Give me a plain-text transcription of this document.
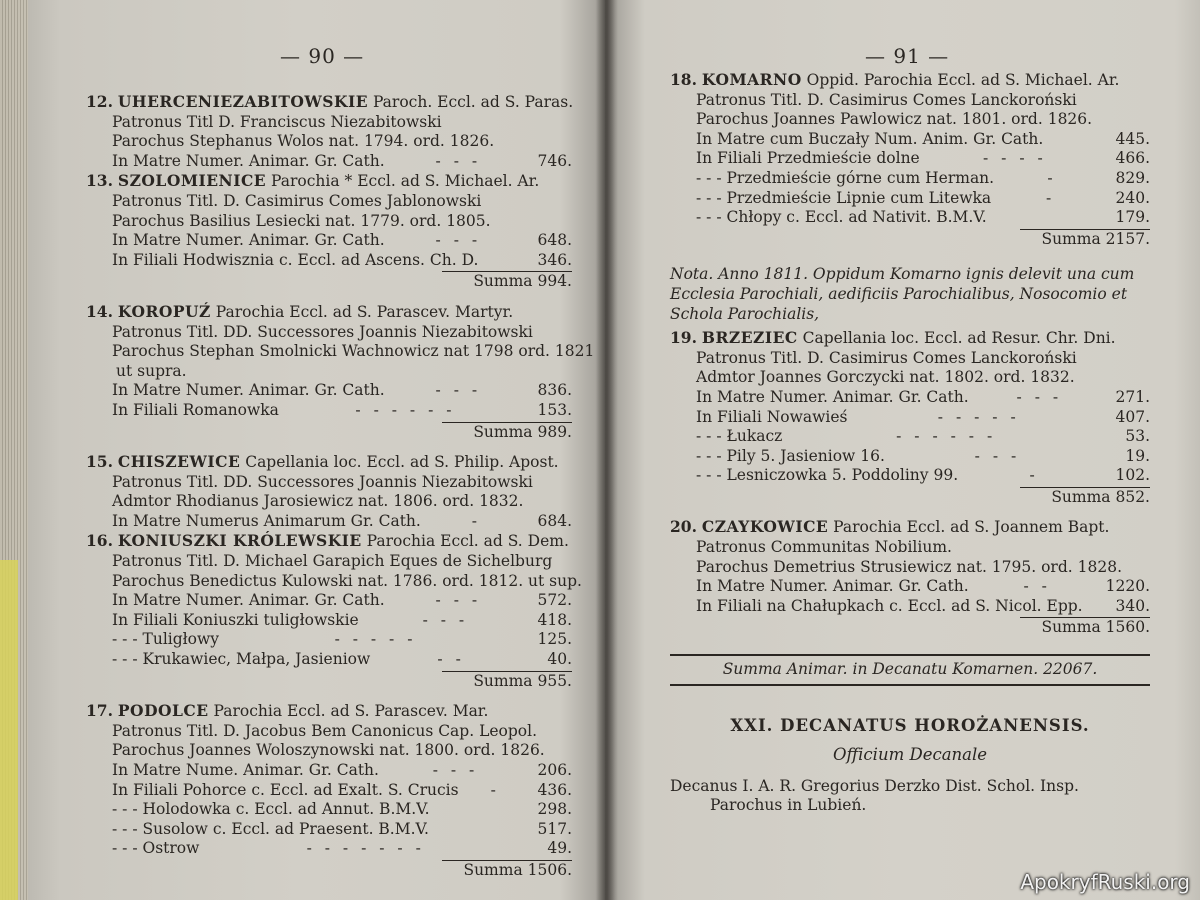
— 90 —	— 91 —
12. UHERCENIEZABITOWSKIE Paroch. Eccl. ad S. Paras.
Patronus Titl D. Franciscus Niezabitowski
Parochus Stephanus Wolos nat. 1794. ord. 1826.
In Matre Numer. Animar. Gr. Cath.	- - -	746.
13. SZOLOMIENICE Parochia * Eccl. ad S. Michael. Ar.
Patronus Titl. D. Casimirus Comes Jablonowski
Parochus Basilius Lesiecki nat. 1779. ord. 1805.
In Matre Numer. Animar. Gr. Cath.	- - -	648.
In Filiali Hodwisznia c. Eccl. ad Ascens. Ch. D.	346.
Summa 994.
14. KOROPUŹ Parochia Eccl. ad S. Parascev. Martyr.
Patronus Titl. DD. Successores Joannis Niezabitowski
Parochus Stephan Smolnicki Wachnowicz nat 1798 ord. 1821
ut supra.
In Matre Numer. Animar. Gr. Cath.	- - -	836.
In Filiali Romanowka	- - - - - -	153.
Summa 989.
15. CHISZEWICE Capellania loc. Eccl. ad S. Philip. Apost.
Patronus Titl. DD. Successores Joannis Niezabitowski
Admtor Rhodianus Jarosiewicz nat. 1806. ord. 1832.
In Matre Numerus Animarum Gr. Cath.	-	684.
16. KONIUSZKI KRÓLEWSKIE Parochia Eccl. ad S. Dem.
Patronus Titl. D. Michael Garapich Eques de Sichelburg
Parochus Benedictus Kulowski nat. 1786. ord. 1812. ut sup.
In Matre Numer. Animar. Gr. Cath.	- - -	572.
In Filiali Koniuszki tuligłowskie	- - -	418.
- - - Tuligłowy	- - - - -	125.
- - - Krukawiec, Małpa, Jasieniow	- -	40.
Summa 955.
17. PODOLCE Parochia Eccl. ad S. Parascev. Mar.
Patronus Titl. D. Jacobus Bem Canonicus Cap. Leopol.
Parochus Joannes Woloszynowski nat. 1800. ord. 1826.
In Matre Nume. Animar. Gr. Cath.	- - -	206.
In Filiali Pohorce c. Eccl. ad Exalt. S. Crucis	-	436.
- - - Holodowka c. Eccl. ad Annut. B.M.V.	298.
- - - Susolow c. Eccl. ad Praesent. B.M.V.	517.
- - - Ostrow	- - - - - - -	49.
Summa 1506.
18. KOMARNO Oppid. Parochia Eccl. ad S. Michael. Ar.
Patronus Titl. D. Casimirus Comes Lanckoroński
Parochus Joannes Pawlowicz nat. 1801. ord. 1826.
In Matre cum Buczały Num. Anim. Gr. Cath.	445.
In Filiali Przedmieście dolne	- - - -	466.
- - - Przedmieście górne cum Herman.	-	829.
- - - Przedmieście Lipnie cum Litewka	-	240.
- - - Chłopy c. Eccl. ad Nativit. B.M.V.	179.
Summa 2157.
Nota. Anno 1811. Oppidum Komarno ignis delevit una cum Ecclesia Parochiali, aedificiis Parochialibus, Nosocomio et Schola Parochialis,
19. BRZEZIEC Capellania loc. Eccl. ad Resur. Chr. Dni.
Patronus Titl. D. Casimirus Comes Lanckoroński
Admtor Joannes Gorczycki nat. 1802. ord. 1832.
In Matre Numer. Animar. Gr. Cath.	- - -	271.
In Filiali Nowawieś	- - - - -	407.
- - - Łukacz	- - - - - -	53.
- - - Pily 5. Jasieniow 16.	- - -	19.
- - - Lesniczowka 5. Poddoliny 99.	-	102.
Summa 852.
20. CZAYKOWICE Parochia Eccl. ad S. Joannem Bapt.
Patronus Communitas Nobilium.
Parochus Demetrius Strusiewicz nat. 1795. ord. 1828.
In Matre Numer. Animar. Gr. Cath.	- -	1220.
In Filiali na Chałupkach c. Eccl. ad S. Nicol. Epp.	340.
Summa 1560.
Summa Animar. in Decanatu Komarnen. 22067.
XXI. DECANATUS HOROŻANENSIS.
Officium Decanale
Decanus I. A. R. Gregorius Derzko Dist. Schol. Insp.
Parochus in Lubień.
ApokryfRuski.org
